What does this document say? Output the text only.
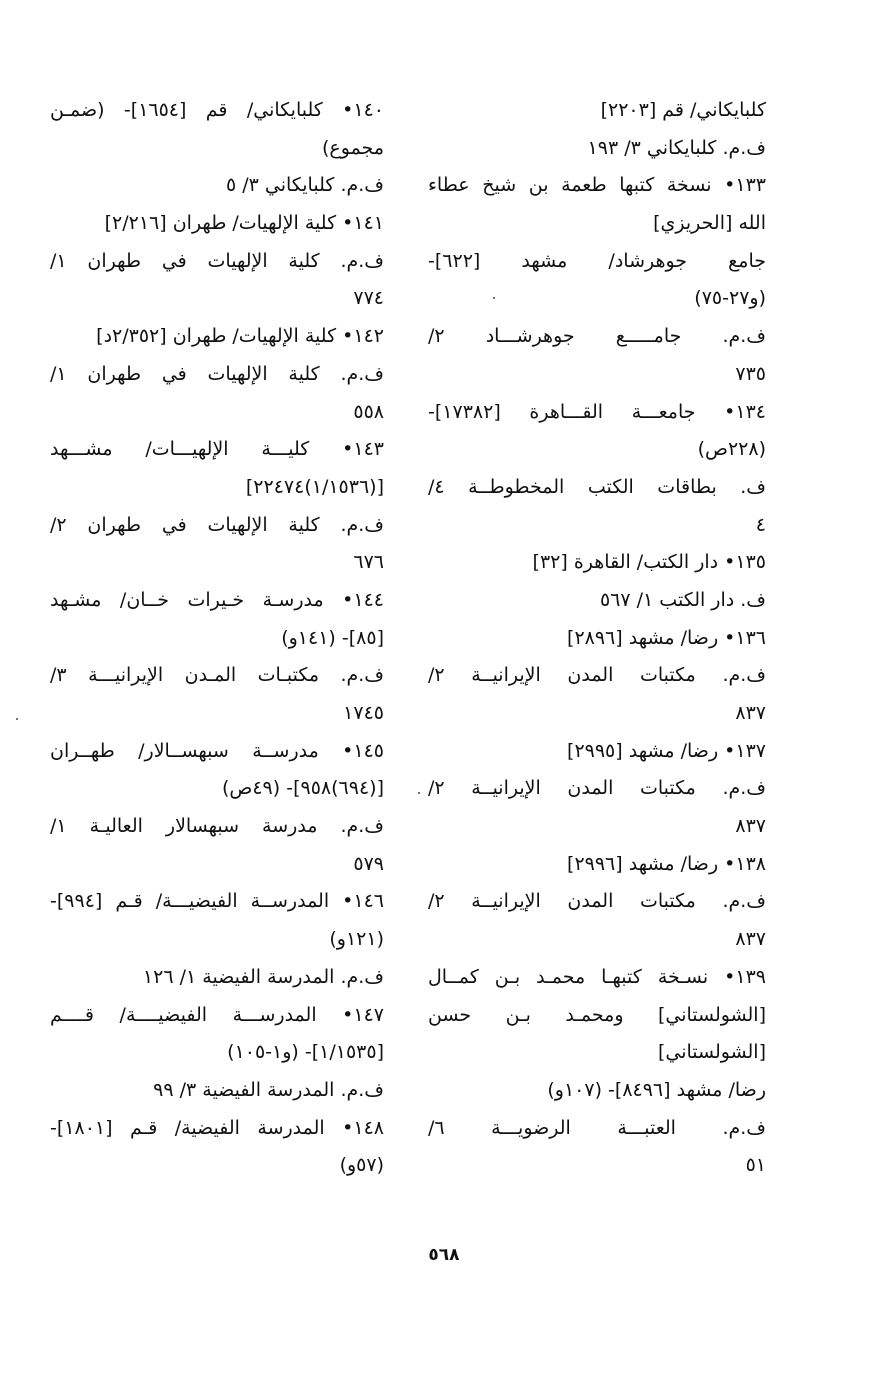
كلبايكاني/ قم [٢٢٠٣]
ف.م. كلبايكاني ٣/ ١٩٣
١٣٣• نسخة كتبها طعمة بن شيخ عطاء
الله [الحريزي]
جامع جوهرشاد/ مشهد [٦٢٢]-
(و٢٧-٧٥)
ف.م. جامـــــع جوهرشـــاد ٢/
٧٣٥
١٣٤• جامعـــة القـــاهرة [١٧٣٨٢]-
(٢٢٨ص)
ف. بطاقات الكتب المخطوطــة ٤/
٤
١٣٥• دار الكتب/ القاهرة [٣٢]
ف. دار الكتب ١/ ٥٦٧
١٣٦• رضا/ مشهد [٢٨٩٦]
ف.م. مكتبات المدن الإيرانيــة ٢/
٨٣٧
١٣٧• رضا/ مشهد [٢٩٩٥]
ف.م. مكتبات المدن الإيرانيــة ٢/
٨٣٧
١٣٨• رضا/ مشهد [٢٩٩٦]
ف.م. مكتبات المدن الإيرانيــة ٢/
٨٣٧
١٣٩• نسـخة كتبهـا محمـد بـن كمــال
[الشولستاني] ومحمـد بـن حسن
[الشولستاني]
رضا/ مشهد [٨٤٩٦]- (١٠٧و)
ف.م. العتبـــة الرضويـــة ٦/
٥١
١٤٠• كلبايكاني/ قم [١٦٥٤]- (ضمـن
مجموع)
ف.م. كلبايكاني ٣/ ٥
١٤١• كلية الإلهيات/ طهران [٢/٢١٦]
ف.م. كلية الإلهيات في طهران ١/
٧٧٤
١٤٢• كلية الإلهيات/ طهران [٢/٣٥٢د]
ف.م. كلية الإلهيات في طهران ١/
٥٥٨
١٤٣• كليـــة الإلهيـــات/ مشـــهد
[(١/١٥٣٦)٢٢٤٧٤]
ف.م. كلية الإلهيات في طهران ٢/
٦٧٦
١٤٤• مدرسـة خـيرات خــان/ مشـهد
[٨٥]- (١٤١و)
ف.م. مكتبـات المـدن الإيرانيـــة ٣/
١٧٤٥
١٤٥• مدرســة سبهســالار/ طهــران
[(٦٩٤)٩٥٨]- (٤٩ص)
ف.م. مدرسة سبهسالار العاليـة ١/
٥٧٩
١٤٦• المدرســة الفيضيـــة/ قـم [٩٩٤]-
(١٢١و)
ف.م. المدرسة الفيضية ١/ ١٢٦
١٤٧• المدرســـة الفيضيــــة/ قــــم
[١/١٥٣٥]- (و١-١٠٥)
ف.م. المدرسة الفيضية ٣/ ٩٩
١٤٨• المدرسة الفيضية/ قـم [١٨٠١]-
(٥٧و)
٥٦٨
